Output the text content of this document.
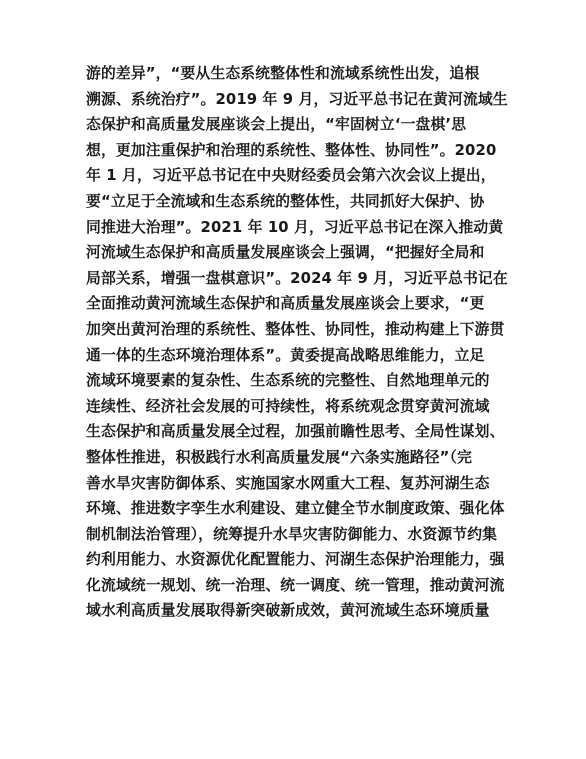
游的差异”，“要从生态系统整体性和流域系统性出发，追根
溯源、系统治疗”。2019 年 9 月，习近平总书记在黄河流域生
态保护和高质量发展座谈会上提出，“牢固树立‘一盘棋’思
想，更加注重保护和治理的系统性、整体性、协同性”。2020
年 1 月，习近平总书记在中央财经委员会第六次会议上提出，
要“立足于全流域和生态系统的整体性，共同抓好大保护、协
同推进大治理”。2021 年 10 月，习近平总书记在深入推动黄
河流域生态保护和高质量发展座谈会上强调，“把握好全局和
局部关系，增强一盘棋意识”。2024 年 9 月，习近平总书记在
全面推动黄河流域生态保护和高质量发展座谈会上要求，“更
加突出黄河治理的系统性、整体性、协同性，推动构建上下游贯
通一体的生态环境治理体系”。黄委提高战略思维能力，立足
流域环境要素的复杂性、生态系统的完整性、自然地理单元的
连续性、经济社会发展的可持续性，将系统观念贯穿黄河流域
生态保护和高质量发展全过程，加强前瞻性思考、全局性谋划、
整体性推进，积极践行水利高质量发展“六条实施路径”（完
善水旱灾害防御体系、实施国家水网重大工程、复苏河湖生态
环境、推进数字孪生水利建设、建立健全节水制度政策、强化体
制机制法治管理），统筹提升水旱灾害防御能力、水资源节约集
约利用能力、水资源优化配置能力、河湖生态保护治理能力，强
化流域统一规划、统一治理、统一调度、统一管理，推动黄河流
域水利高质量发展取得新突破新成效，黄河流域生态环境质量
